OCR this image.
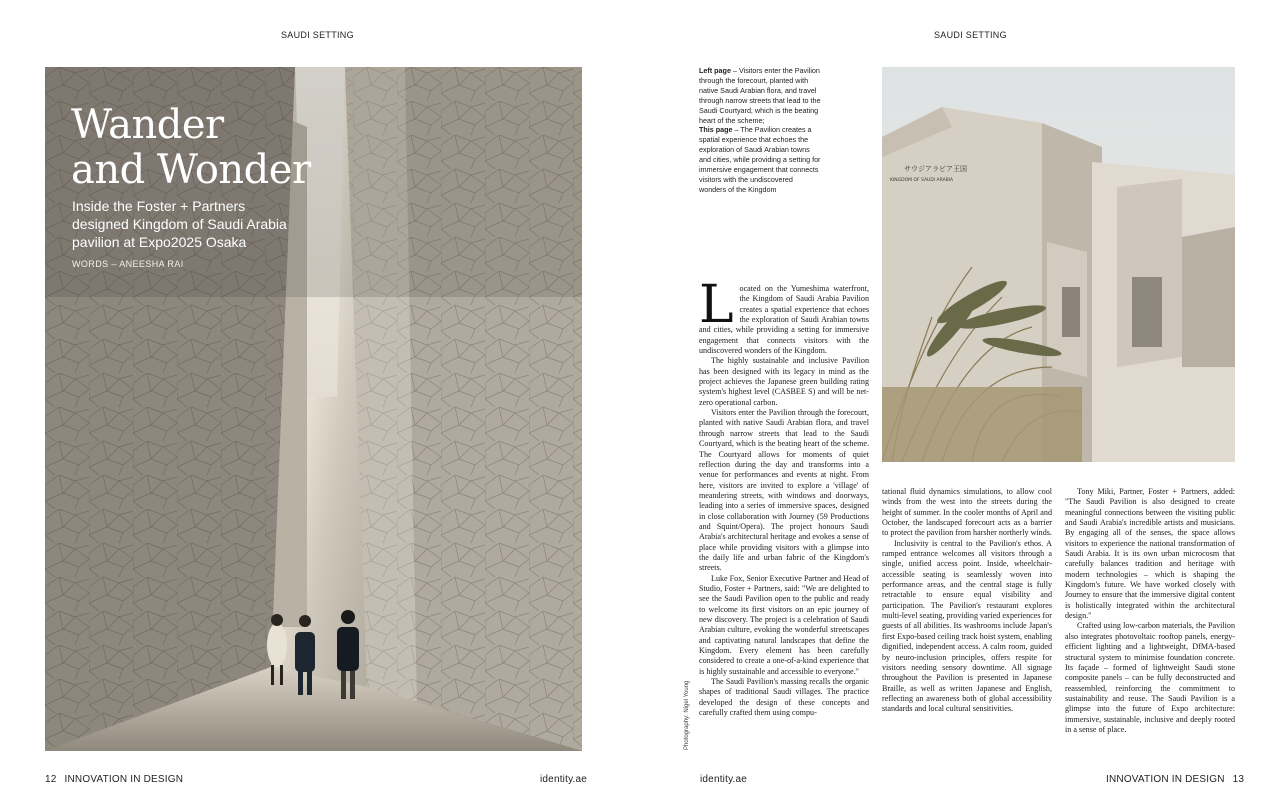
SAUDI SETTING	SAUDI SETTING
Wander
and Wonder

Inside the Foster + Partners
designed Kingdom of Saudi Arabia
pavilion at Expo2025 Osaka

WORDS – ANEESHA RAI
Left page – Visitors enter the Pavilion through the forecourt, planted with native Saudi Arabian flora, and travel through narrow streets that lead to the Saudi Courtyard, which is the beating heart of the scheme;
This page – The Pavilion creates a spatial experience that echoes the exploration of Saudi Arabian towns and cities, while providing a setting for immersive engagement that connects visitors with the undiscovered wonders of the Kingdom
サウジアラビア王国
KINGDOM OF SAUDI ARABIA
Photography: Nigel Young

Located on the Yumeshima waterfront, the Kingdom of Saudi Arabia Pavilion creates a spatial experience that echoes the exploration of Saudi Arabian towns and cities, while providing a setting for immersive engagement that connects visitors with the undiscovered wonders of the Kingdom.

The highly sustainable and inclusive Pavilion has been designed with its legacy in mind as the project achieves the Japanese green building rating system's highest level (CASBEE S) and will be net-zero operational carbon.

Visitors enter the Pavilion through the forecourt, planted with native Saudi Arabian flora, and travel through narrow streets that lead to the Saudi Courtyard, which is the beating heart of the scheme. The Courtyard allows for moments of quiet reflection during the day and transforms into a venue for performances and events at night. From here, visitors are invited to explore a 'village' of meandering streets, with windows and doorways, leading into a series of immersive spaces, designed in close collaboration with Journey (59 Productions and Squint/Opera). The project honours Saudi Arabia's architectural heritage and evokes a sense of place while providing visitors with a glimpse into the daily life and urban fabric of the Kingdom's streets.

Luke Fox, Senior Executive Partner and Head of Studio, Foster + Partners, said: "We are delighted to see the Saudi Pavilion open to the public and ready to welcome its first visitors on an epic journey of new discovery. The project is a celebration of Saudi Arabian culture, evoking the wonderful streetscapes and captivating natural landscapes that define the Kingdom. Every element has been carefully considered to create a one-of-a-kind experience that is highly sustainable and accessible to everyone."

The Saudi Pavilion's massing recalls the organic shapes of traditional Saudi villages. The practice developed the design of these concepts and carefully crafted them using compu-

tational fluid dynamics simulations, to allow cool winds from the west into the streets during the height of summer. In the cooler months of April and October, the landscaped forecourt acts as a barrier to protect the pavilion from harsher northerly winds.

Inclusivity is central to the Pavilion's ethos. A ramped entrance welcomes all visitors through a single, unified access point. Inside, wheelchair-accessible seating is seamlessly woven into performance areas, and the central stage is fully retractable to ensure equal visibility and participation. The Pavilion's restaurant explores multi-level seating, providing varied experiences for guests of all abilities. Its washrooms include Japan's first Expo-based ceiling track hoist system, enabling dignified, independent access. A calm room, guided by neuro-inclusion principles, offers respite for visitors needing sensory downtime. All signage throughout the Pavilion is presented in Japanese Braille, as well as written Japanese and English, reflecting an awareness both of global accessibility standards and local cultural sensitivities.

Tony Miki, Partner, Foster + Partners, added: "The Saudi Pavilion is also designed to create meaningful connections between the visiting public and Saudi Arabia's incredible artists and musicians. By engaging all of the senses, the space allows visitors to experience the national transformation of Saudi Arabia. It is its own urban microcosm that carefully balances tradition and heritage with modern technologies – which is shaping the Kingdom's future. We have worked closely with Journey to ensure that the immersive digital content is holistically integrated within the architectural design."

Crafted using low-carbon materials, the Pavilion also integrates photovoltaic rooftop panels, energy-efficient lighting and a lightweight, DfMA-based structural system to minimise foundation concrete. Its façade – formed of lightweight Saudi stone composite panels – can be fully deconstructed and reassembled, reinforcing the commitment to sustainability and reuse. The Saudi Pavilion is a glimpse into the future of Expo architecture: immersive, sustainable, inclusive and deeply rooted in a sense of place.

12 INNOVATION IN DESIGN	identity.ae	identity.ae	INNOVATION IN DESIGN 13
